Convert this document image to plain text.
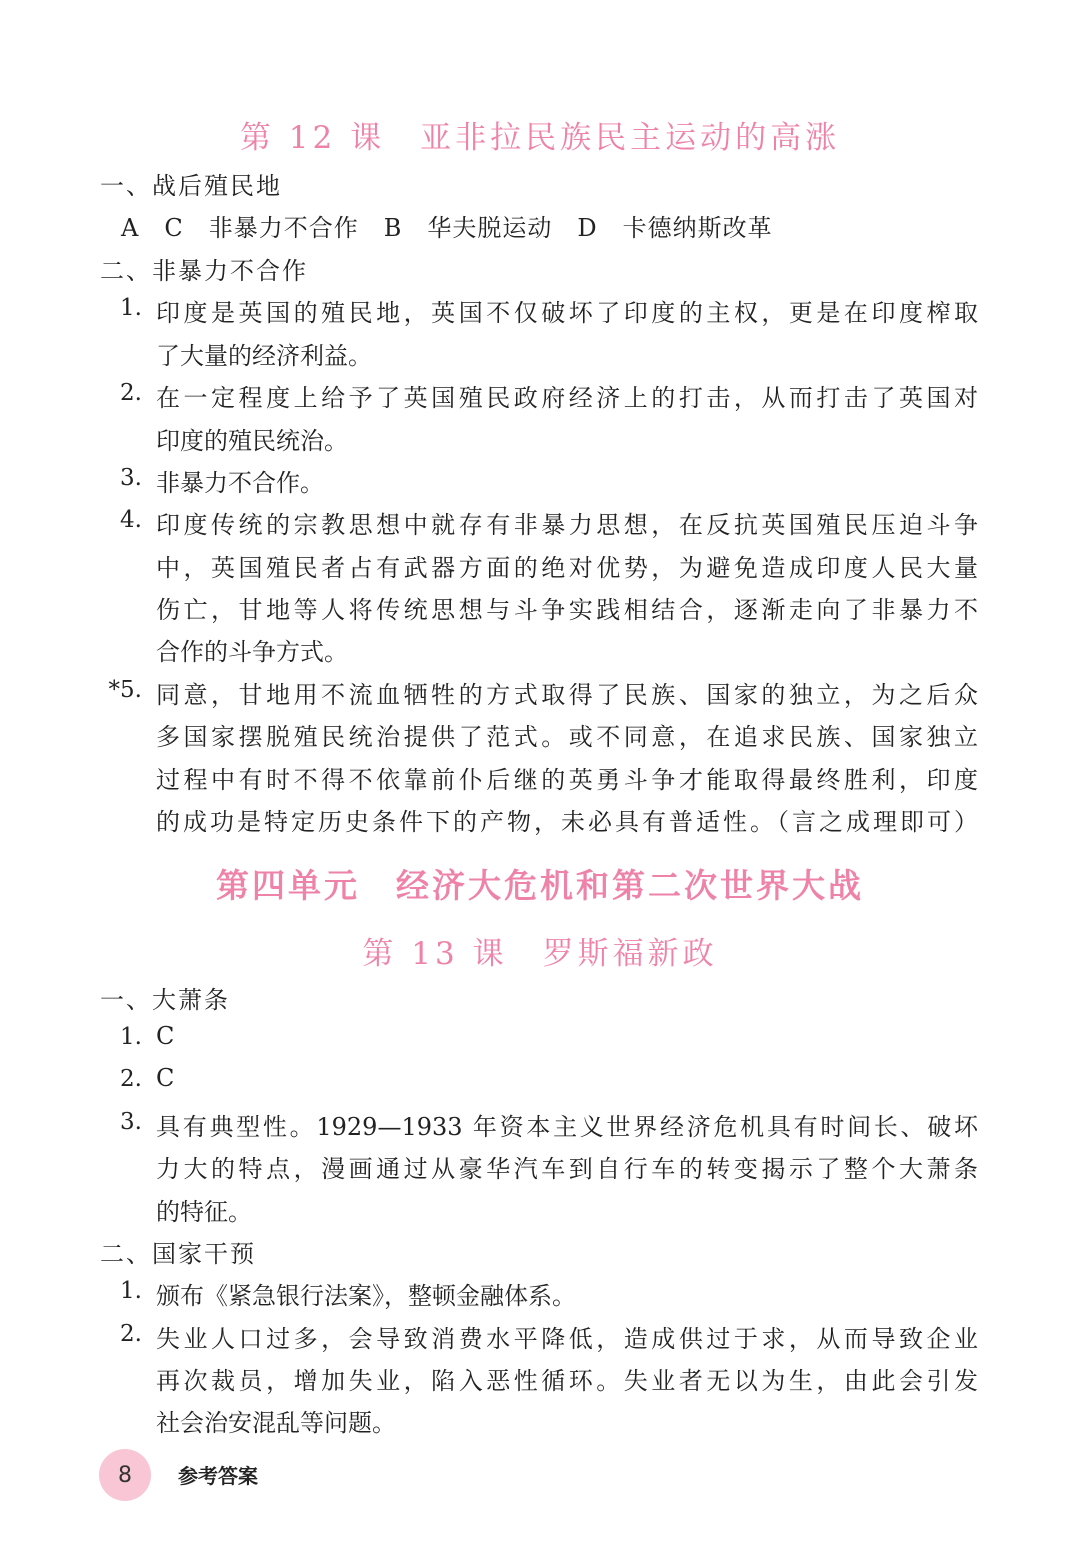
第 12 课　亚非拉民族民主运动的高涨
一、战后殖民地
A　C　非暴力不合作　B　华夫脱运动　D　卡德纳斯改革
二、非暴力不合作
1. 印度是英国的殖民地，英国不仅破坏了印度的主权，更是在印度榨取
了大量的经济利益。
2. 在一定程度上给予了英国殖民政府经济上的打击，从而打击了英国对
印度的殖民统治。
3. 非暴力不合作。
4. 印度传统的宗教思想中就存有非暴力思想，在反抗英国殖民压迫斗争
中，英国殖民者占有武器方面的绝对优势，为避免造成印度人民大量
伤亡，甘地等人将传统思想与斗争实践相结合，逐渐走向了非暴力不
合作的斗争方式。
*5. 同意，甘地用不流血牺牲的方式取得了民族、国家的独立，为之后众
多国家摆脱殖民统治提供了范式。或不同意，在追求民族、国家独立
过程中有时不得不依靠前仆后继的英勇斗争才能取得最终胜利，印度
的成功是特定历史条件下的产物，未必具有普适性。（言之成理即可）
第四单元　经济大危机和第二次世界大战
第 13 课　罗斯福新政
一、大萧条
1. C
2. C
3. 具有典型性。1929—1933 年资本主义世界经济危机具有时间长、破坏
力大的特点，漫画通过从豪华汽车到自行车的转变揭示了整个大萧条
的特征。
二、国家干预
1. 颁布《紧急银行法案》，整顿金融体系。
2. 失业人口过多，会导致消费水平降低，造成供过于求，从而导致企业
再次裁员，增加失业，陷入恶性循环。失业者无以为生，由此会引发
社会治安混乱等问题。
8 参考答案
